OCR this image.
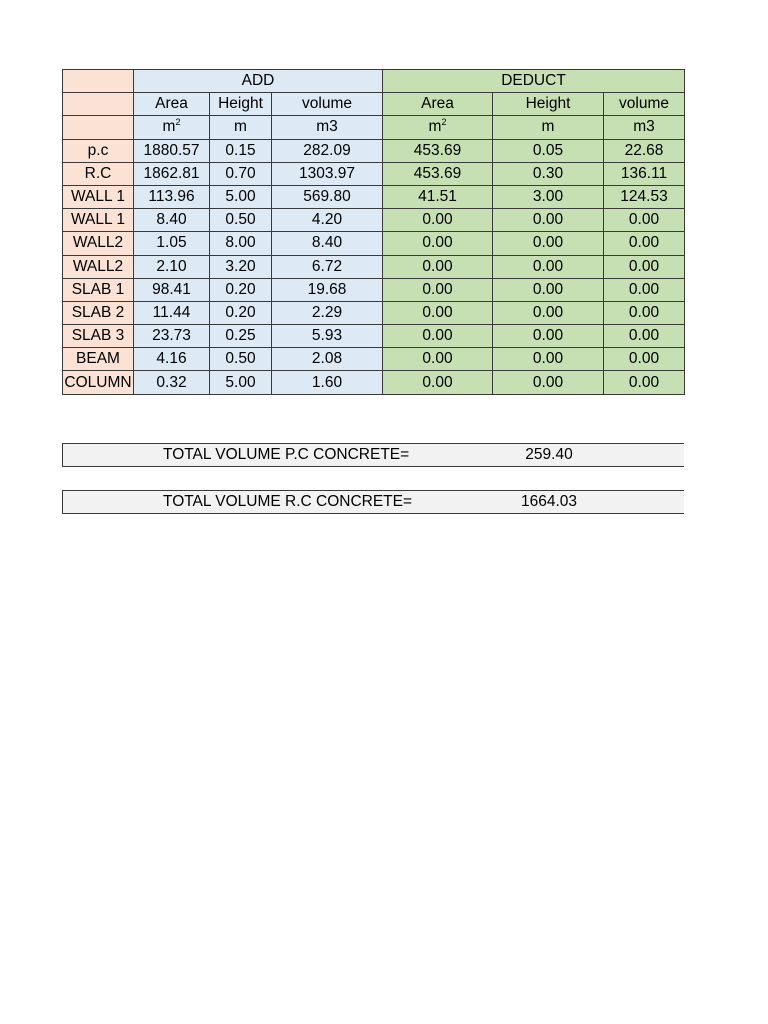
	ADD			DEDUCT		
	Area	Height	volume	Area	Height	volume
	$m^2$	m	m3	$m^2$	m	m3
p.c	1880.57	0.15	282.09	453.69	0.05	22.68
R.C	1862.81	0.70	1303.97	453.69	0.30	136.11
WALL 1	113.96	5.00	569.80	41.51	3.00	124.53
WALL 1	8.40	0.50	4.20	0.00	0.00	0.00
WALL2	1.05	8.00	8.40	0.00	0.00	0.00
WALL2	2.10	3.20	6.72	0.00	0.00	0.00
SLAB 1	98.41	0.20	19.68	0.00	0.00	0.00
SLAB 2	11.44	0.20	2.29	0.00	0.00	0.00
SLAB 3	23.73	0.25	5.93	0.00	0.00	0.00
BEAM	4.16	0.50	2.08	0.00	0.00	0.00
COLUMN	0.32	5.00	1.60	0.00	0.00	0.00
TOTAL VOLUME P.C CONCRETE=	259.40
TOTAL VOLUME R.C CONCRETE=	1664.03
